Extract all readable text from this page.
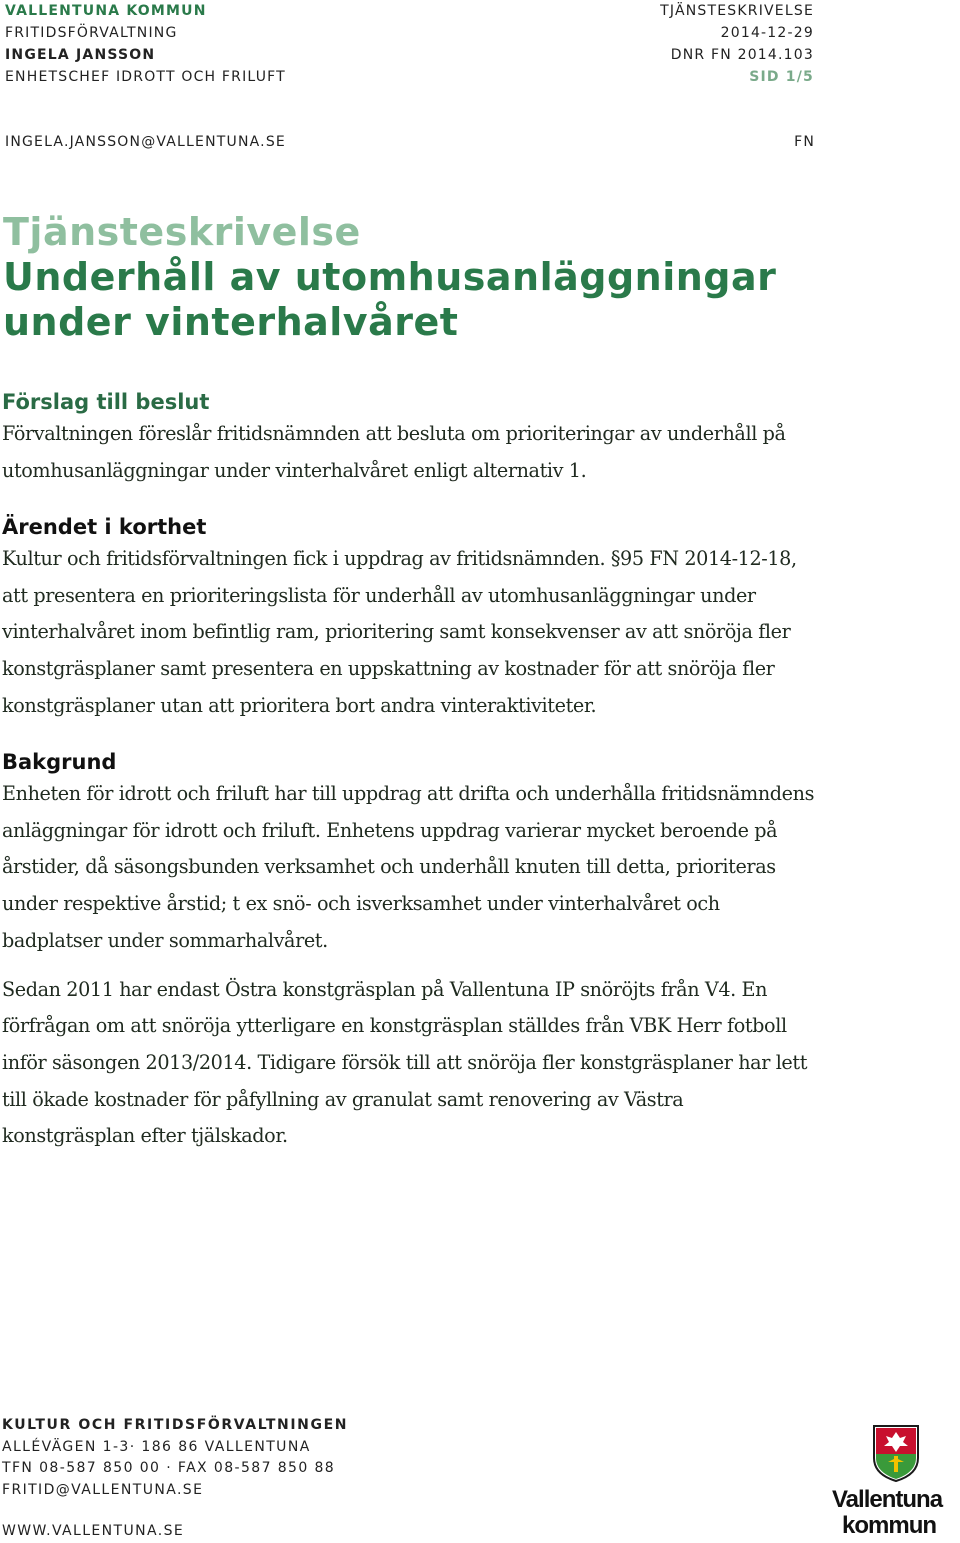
VALLENTUNA KOMMUN
FRITIDSFÖRVALTNING
INGELA JANSSON
ENHETSCHEF IDROTT OCH FRILUFT
TJÄNSTESKRIVELSE
2014-12-29
DNR FN 2014.103
SID 1/5
INGELA.JANSSON@VALLENTUNA.SE	FN
Tjänsteskrivelse
Underhåll av utomhusanläggningar
under vinterhalvåret
Förslag till beslut

Förvaltningen föreslår fritidsnämnden att besluta om prioriteringar av underhåll på utomhusanläggningar under vinterhalvåret enligt alternativ 1.

Ärendet i korthet

Kultur och fritidsförvaltningen fick i uppdrag av fritidsnämnden. §95 FN 2014-12-18, att presentera en prioriteringslista för underhåll av utomhusanläggningar under vinterhalvåret inom befintlig ram, prioritering samt konsekvenser av att snöröja fler konstgräsplaner samt presentera en uppskattning av kostnader för att snöröja fler konstgräsplaner utan att prioritera bort andra vinteraktiviteter.

Bakgrund

Enheten för idrott och friluft har till uppdrag att drifta och underhålla fritidsnämndens anläggningar för idrott och friluft. Enhetens uppdrag varierar mycket beroende på årstider, då säsongsbunden verksamhet och underhåll knuten till detta, prioriteras under respektive årstid; t ex snö- och isverksamhet under vinterhalvåret och badplatser under sommarhalvåret.

Sedan 2011 har endast Östra konstgräsplan på Vallentuna IP snöröjts från V4. En förfrågan om att snöröja ytterligare en konstgräsplan ställdes från VBK Herr fotboll inför säsongen 2013/2014. Tidigare försök till att snöröja fler konstgräsplaner har lett till ökade kostnader för påfyllning av granulat samt renovering av Västra konstgräsplan efter tjälskador.

KULTUR OCH FRITIDSFÖRVALTNINGEN
ALLÉVÄGEN 1-3· 186 86 VALLENTUNA
TFN 08-587 850 00 · FAX 08-587 850 88
FRITID@VALLENTUNA.SE
WWW.VALLENTUNA.SE
Vallentuna
kommun
